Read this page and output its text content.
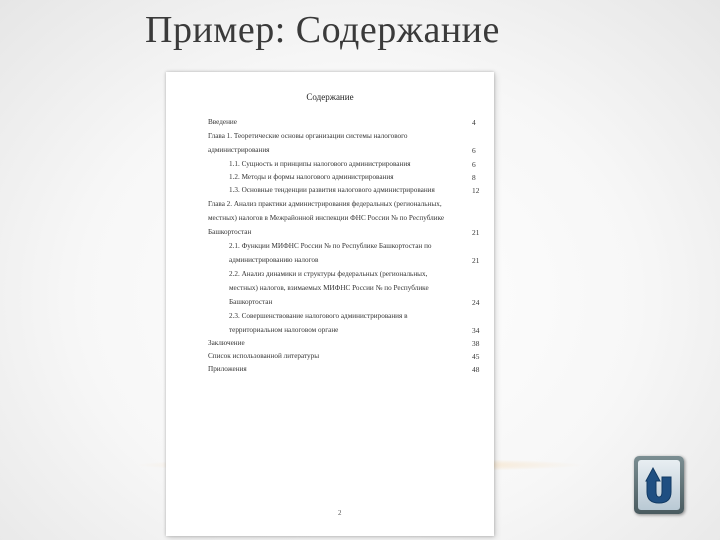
Пример: Содержание
Содержание
Введение	4
Глава 1. Теоретические основы организации системы налогового
администрирования	6
1.1. Сущность и принципы налогового администрирования	6
1.2. Методы и формы налогового администрирования	8
1.3. Основные тенденции развития налогового администрирования	12
Глава 2. Анализ практики администрирования федеральных (региональных,
местных) налогов в Межрайонной инспекции ФНС России № по Республике
Башкортостан	21
2.1. Функции МИФНС России № по Республике Башкортостан по
администрированию налогов	21
2.2. Анализ динамики и структуры федеральных (региональных,
местных) налогов, взимаемых МИФНС России № по Республике
Башкортостан	24
2.3. Совершенствование налогового администрирования в
территориальном налоговом органе	34
Заключение	38
Список использованной литературы	45
Приложения	48
2
